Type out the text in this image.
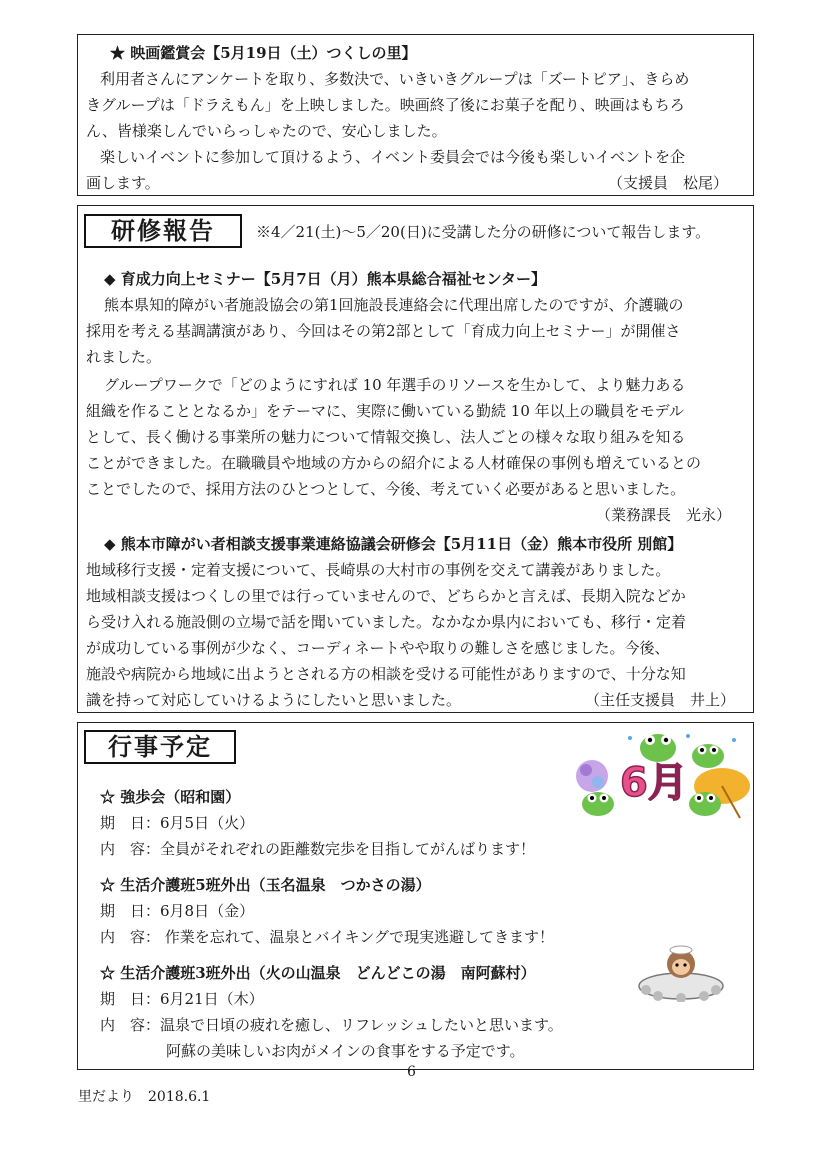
★ 映画鑑賞会【5月19日（土）つくしの里】
利用者さんにアンケートを取り、多数決で、いきいきグループは「ズートピア」、きらめ
きグループは「ドラえもん」を上映しました。映画終了後にお菓子を配り、映画はもちろ
ん、皆様楽しんでいらっしゃたので、安心しました。
楽しいイベントに参加して頂けるよう、イベント委員会では今後も楽しいイベントを企
画します。	（支援員　松尾）
研修報告	※4／21(土)～5／20(日)に受講した分の研修について報告します。
◆ 育成力向上セミナー【5月7日（月）熊本県総合福祉センター】
熊本県知的障がい者施設協会の第1回施設長連絡会に代理出席したのですが、介護職の
採用を考える基調講演があり、今回はその第2部として「育成力向上セミナー」が開催さ
れました。
グループワークで「どのようにすれば 10 年選手のリソースを生かして、より魅力ある
組織を作ることとなるか」をテーマに、実際に働いている勤続 10 年以上の職員をモデル
として、長く働ける事業所の魅力について情報交換し、法人ごとの様々な取り組みを知る
ことができました。在職職員や地域の方からの紹介による人材確保の事例も増えているとの
ことでしたので、採用方法のひとつとして、今後、考えていく必要があると思いました。
（業務課長　光永）
◆ 熊本市障がい者相談支援事業連絡協議会研修会【5月11日（金）熊本市役所 別館】
地域移行支援・定着支援について、長崎県の大村市の事例を交えて講義がありました。
地域相談支援はつくしの里では行っていませんので、どちらかと言えば、長期入院などか
ら受け入れる施設側の立場で話を聞いていました。なかなか県内においても、移行・定着
が成功している事例が少なく、コーディネートやや取りの難しさを感じました。今後、
施設や病院から地域に出ようとされる方の相談を受ける可能性がありますので、十分な知
識を持って対応していけるようにしたいと思いました。	（主任支援員　井上）
行事予定
6月
☆ 強歩会（昭和園）
期　日：6月5日（火）
内　容：全員がそれぞれの距離数完歩を目指してがんばります！
☆ 生活介護班5班外出（玉名温泉　つかさの湯）
期　日：6月8日（金）
内　容： 作業を忘れて、温泉とバイキングで現実逃避してきます！
☆ 生活介護班3班外出（火の山温泉　どんどこの湯　南阿蘇村）
期　日：6月21日（木）
内　容：温泉で日頃の疲れを癒し、リフレッシュしたいと思います。
阿蘇の美味しいお肉がメインの食事をする予定です。
6
里だより　2018.6.1
